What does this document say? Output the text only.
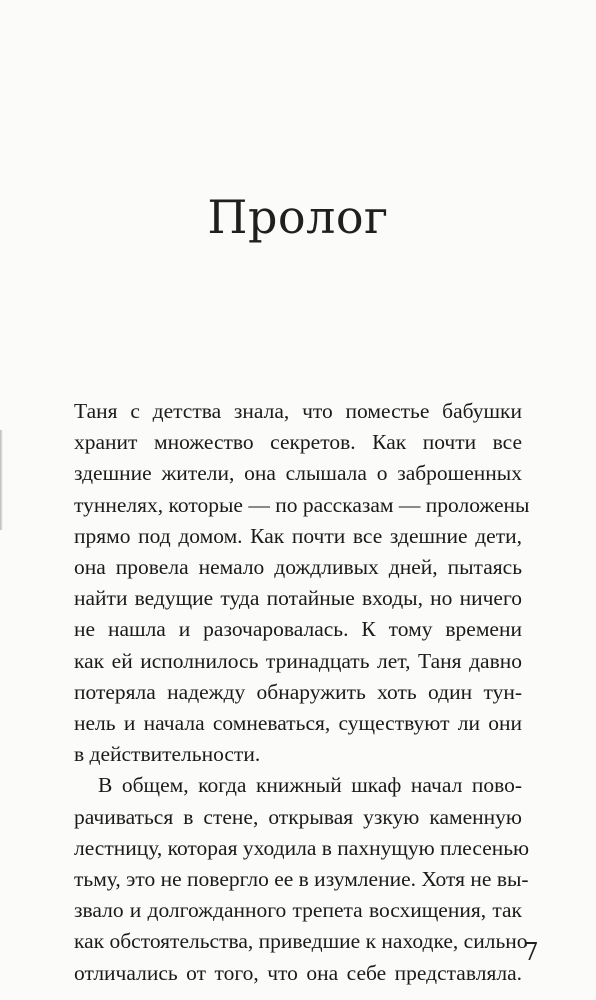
Пролог
Таня с детства знала, что поместье бабушки
хранит множество секретов. Как почти все
здешние жители, она слышала о заброшенных
туннелях, которые — по рассказам — проложены
прямо под домом. Как почти все здешние дети,
она провела немало дождливых дней, пытаясь
найти ведущие туда потайные входы, но ничего
не нашла и разочаровалась. К тому времени
как ей исполнилось тринадцать лет, Таня давно
потеряла надежду обнаружить хоть один тун-
нель и начала сомневаться, существуют ли они
в действительности.
В общем, когда книжный шкаф начал пово-
рачиваться в стене, открывая узкую каменную
лестницу, которая уходила в пахнущую плесенью
тьму, это не повергло ее в изумление. Хотя не вы-
звало и долгожданного трепета восхищения, так
как обстоятельства, приведшие к находке, сильно
отличались от того, что она себе представляла.
7
